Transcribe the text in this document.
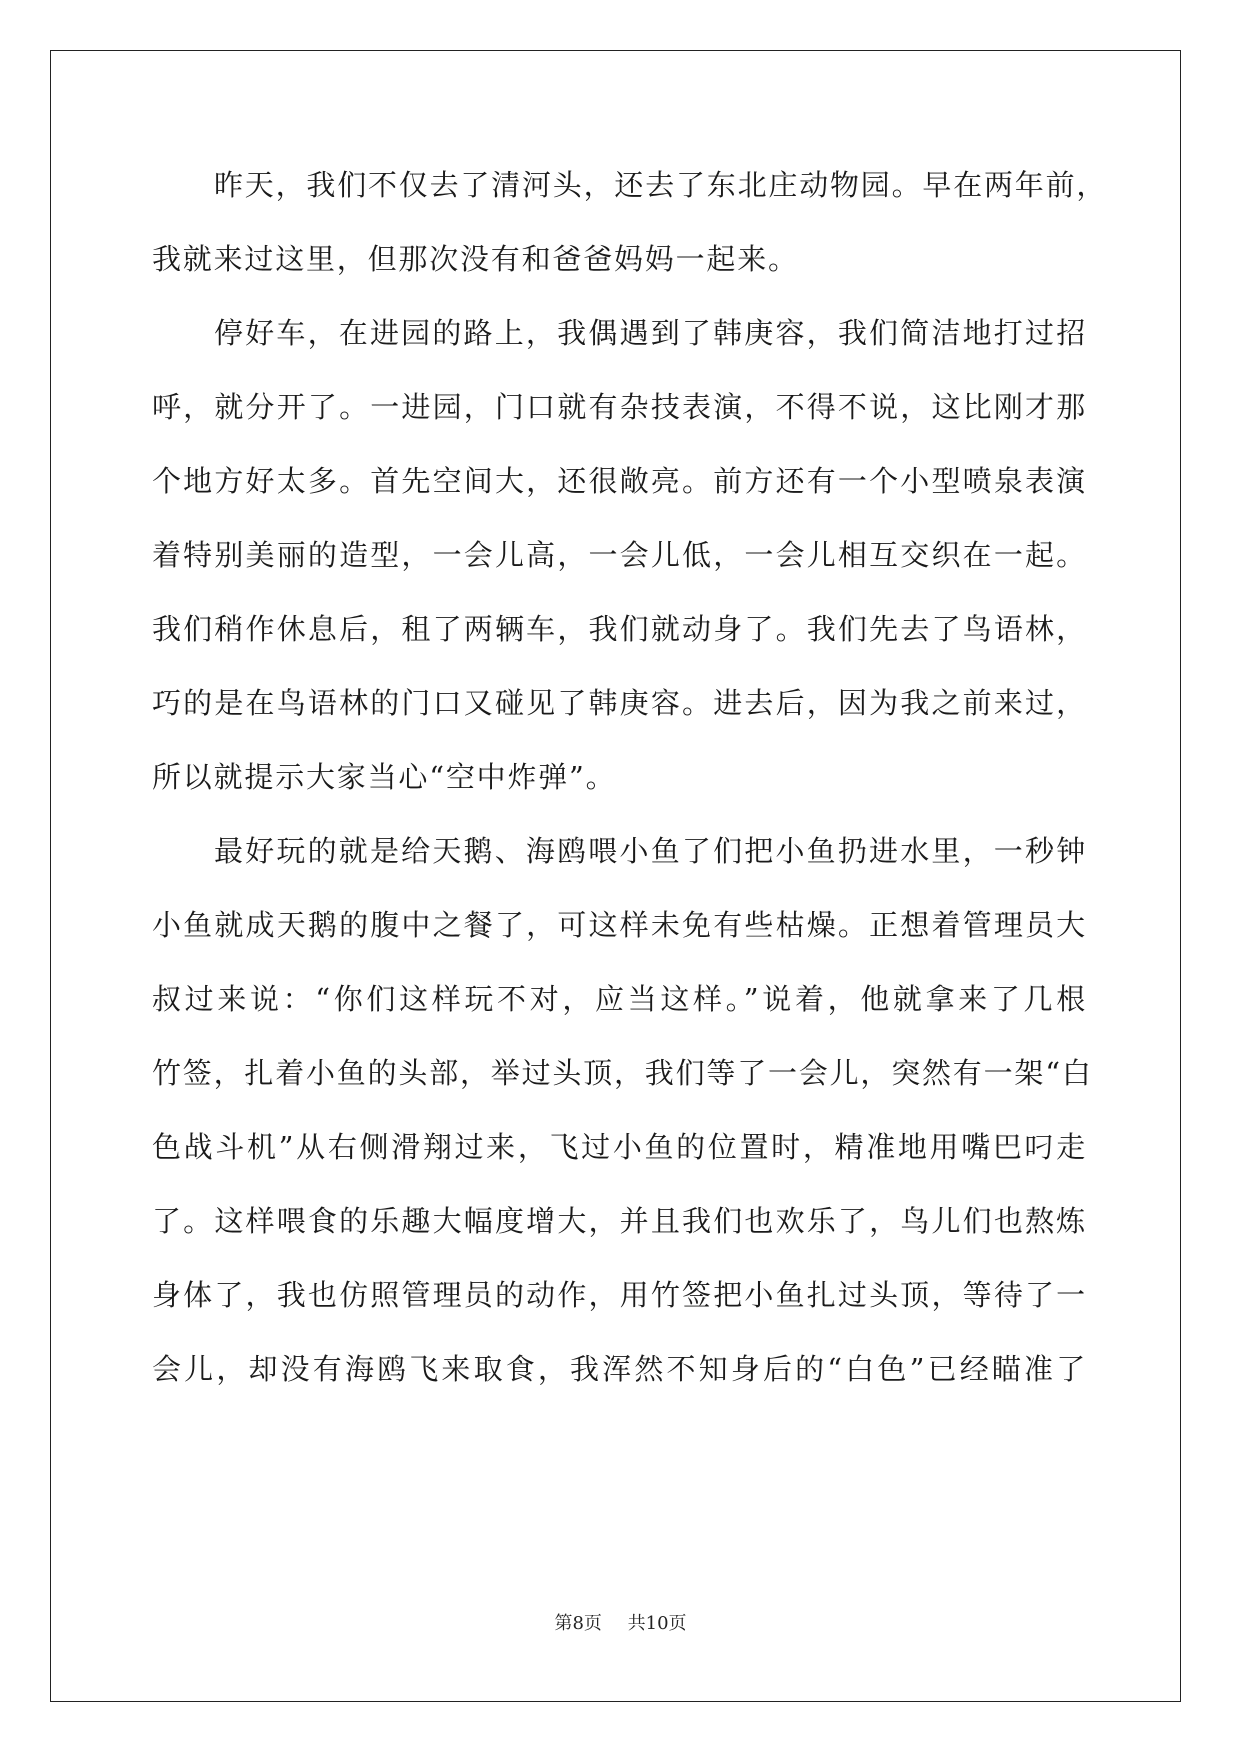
昨天，我们不仅去了清河头，还去了东北庄动物园。早在两年前，
我就来过这里，但那次没有和爸爸妈妈一起来。
停好车，在进园的路上，我偶遇到了韩庚容，我们简洁地打过招
呼，就分开了。一进园，门口就有杂技表演，不得不说，这比刚才那
个地方好太多。首先空间大，还很敞亮。前方还有一个小型喷泉表演
着特别美丽的造型，一会儿高，一会儿低，一会儿相互交织在一起。
我们稍作休息后，租了两辆车，我们就动身了。我们先去了鸟语林，
巧的是在鸟语林的门口又碰见了韩庚容。进去后，因为我之前来过，
所以就提示大家当心“空中炸弹”。
最好玩的就是给天鹅、海鸥喂小鱼了们把小鱼扔进水里，一秒钟
小鱼就成天鹅的腹中之餐了，可这样未免有些枯燥。正想着管理员大
叔过来说：“你们这样玩不对，应当这样。”说着，他就拿来了几根
竹签，扎着小鱼的头部，举过头顶，我们等了一会儿，突然有一架“白
色战斗机”从右侧滑翔过来，飞过小鱼的位置时，精准地用嘴巴叼走
了。这样喂食的乐趣大幅度增大，并且我们也欢乐了，鸟儿们也熬炼
身体了，我也仿照管理员的动作，用竹签把小鱼扎过头顶，等待了一
会儿，却没有海鸥飞来取食，我浑然不知身后的“白色”已经瞄准了
第8页 共10页
